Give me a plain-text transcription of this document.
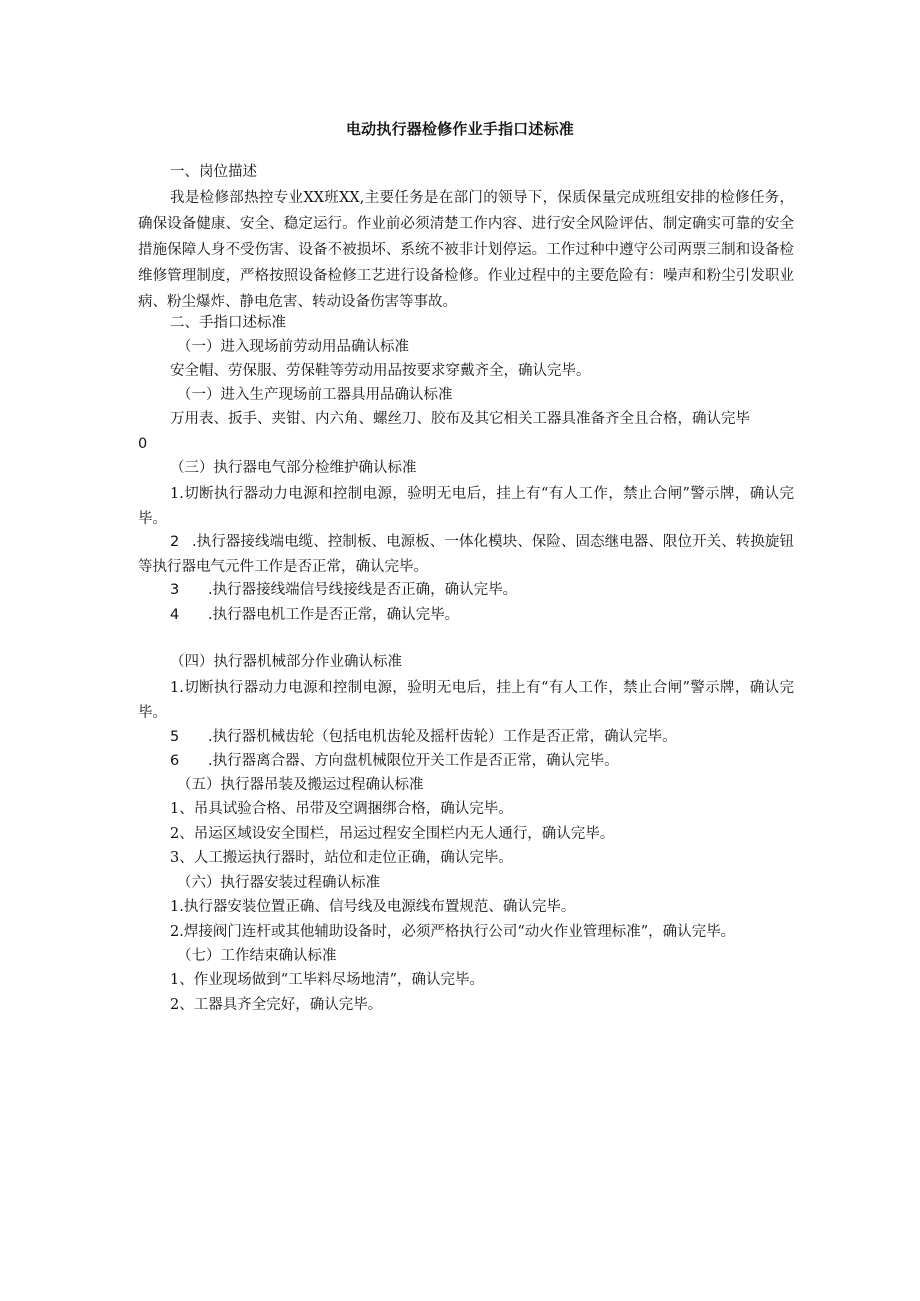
电动执行器检修作业手指口述标准
一、岗位描述
我是检修部热控专业XX班XX,主要任务是在部门的领导下，保质保量完成班组安排的检修任务，确保设备健康、安全、稳定运行。作业前必须清楚工作内容、进行安全风险评估、制定确实可靠的安全措施保障人身不受伤害、设备不被损坏、系统不被非计划停运。工作过种中遵守公司两票三制和设备检维修管理制度，严格按照设备检修工艺进行设备检修。作业过程中的主要危险有：噪声和粉尘引发职业病、粉尘爆炸、静电危害、转动设备伤害等事故。
二、手指口述标准
（一）进入现场前劳动用品确认标准
安全帽、劳保服、劳保鞋等劳动用品按要求穿戴齐全，确认完毕。
（一）进入生产现场前工器具用品确认标准
万用表、扳手、夹钳、内六角、螺丝刀、胶布及其它相关工器具准备齐全且合格，确认完毕
0
（三）执行器电气部分检维护确认标准
1.切断执行器动力电源和控制电源，验明无电后，挂上有“有人工作，禁止合闸”警示牌，确认完毕。
2 .执行器接线端电缆、控制板、电源板、一体化模块、保险、固态继电器、限位开关、转换旋钮等执行器电气元件工作是否正常，确认完毕。
3 .执行器接线端信号线接线是否正确，确认完毕。
4 .执行器电机工作是否正常，确认完毕。
（四）执行器机械部分作业确认标准
1.切断执行器动力电源和控制电源，验明无电后，挂上有“有人工作，禁止合闸”警示牌，确认完毕。
5 .执行器机械齿轮（包括电机齿轮及摇杆齿轮）工作是否正常，确认完毕。
6 .执行器离合器、方向盘机械限位开关工作是否正常，确认完毕。
（五）执行器吊装及搬运过程确认标准
1、吊具试验合格、吊带及空调捆绑合格，确认完毕。
2、吊运区域设安全围栏，吊运过程安全围栏内无人通行，确认完毕。
3、人工搬运执行器时，站位和走位正确，确认完毕。
（六）执行器安装过程确认标准
1.执行器安装位置正确、信号线及电源线布置规范、确认完毕。
2.焊接阀门连杆或其他辅助设备时，必须严格执行公司“动火作业管理标准”，确认完毕。
（七）工作结束确认标准
1、作业现场做到“工毕料尽场地清”，确认完毕。
2、工器具齐全完好，确认完毕。
